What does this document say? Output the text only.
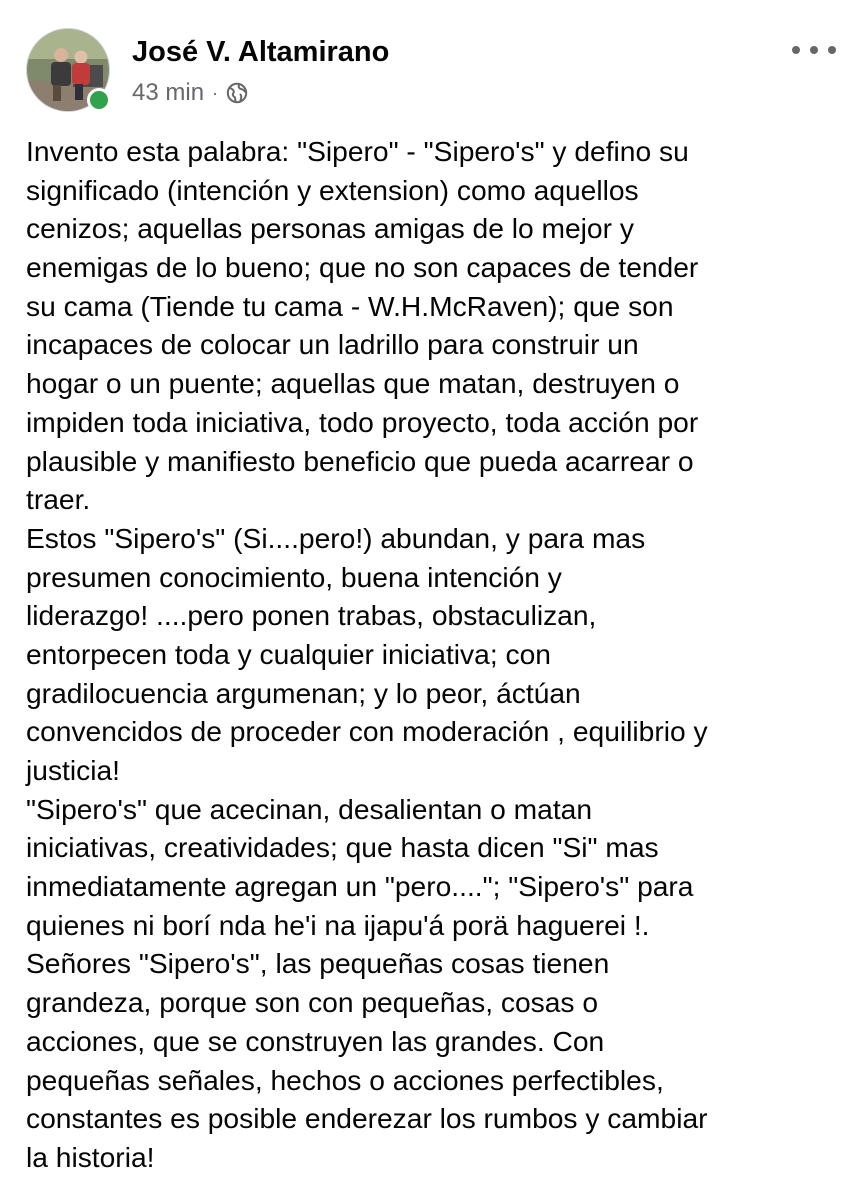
José V. Altamirano
43 min ·
Invento esta palabra: "Sipero" - "Sipero's" y defino su
significado (intención y extension) como aquellos
cenizos; aquellas personas amigas de lo mejor y
enemigas de lo bueno; que no son capaces de tender
su cama (Tiende tu cama - W.H.McRaven); que son
incapaces de colocar un ladrillo para construir un
hogar o un puente; aquellas que matan, destruyen o
impiden toda iniciativa, todo proyecto, toda acción por
plausible y manifiesto beneficio que pueda acarrear o
traer.
Estos "Sipero's" (Si....pero!) abundan, y para mas
presumen conocimiento, buena intención y
liderazgo! ....pero ponen trabas, obstaculizan,
entorpecen toda y cualquier iniciativa; con
gradilocuencia argumenan; y lo peor, áctúan
convencidos de proceder con moderación , equilibrio y
justicia!
"Sipero's" que acecinan, desalientan o matan
iniciativas, creatividades; que hasta dicen "Si" mas
inmediatamente agregan un "pero...."; "Sipero's" para
quienes ni borí nda he'i na ijapu'á porä haguerei !.
Señores "Sipero's", las pequeñas cosas tienen
grandeza, porque son con pequeñas, cosas o
acciones, que se construyen las grandes. Con
pequeñas señales, hechos o acciones perfectibles,
constantes es posible enderezar los rumbos y cambiar
la historia!
